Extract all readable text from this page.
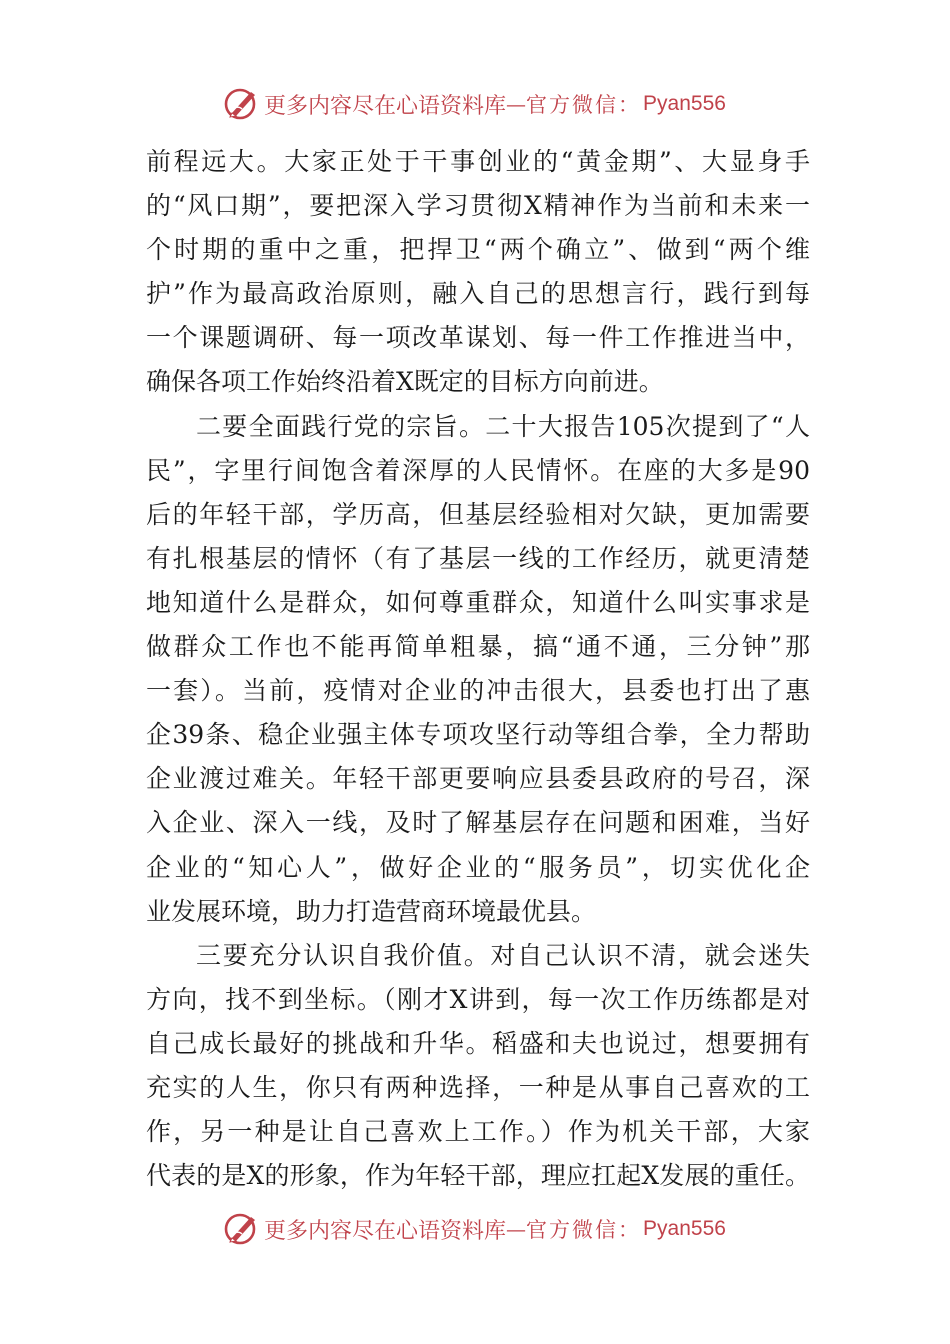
更多内容尽在心语资料库 — 官方微信： Pyan556
前程远大。大家正处于干事创业的“黄金期”、大显身手
的“风口期”，要把深入学习贯彻X精神作为当前和未来一
个时期的重中之重，把捍卫“两个确立”、做到“两个维
护”作为最高政治原则，融入自己的思想言行，践行到每
一个课题调研、每一项改革谋划、每一件工作推进当中，
确保各项工作始终沿着X既定的目标方向前进。
二要全面践行党的宗旨。二十大报告105次提到了“人
民”，字里行间饱含着深厚的人民情怀。在座的大多是90
后的年轻干部，学历高，但基层经验相对欠缺，更加需要
有扎根基层的情怀（有了基层一线的工作经历，就更清楚
地知道什么是群众，如何尊重群众，知道什么叫实事求是
做群众工作也不能再简单粗暴，搞“通不通，三分钟”那
一套）。当前，疫情对企业的冲击很大，县委也打出了惠
企39条、稳企业强主体专项攻坚行动等组合拳，全力帮助
企业渡过难关。年轻干部更要响应县委县政府的号召，深
入企业、深入一线，及时了解基层存在问题和困难，当好
企业的“知心人”，做好企业的“服务员”，切实优化企
业发展环境，助力打造营商环境最优县。
三要充分认识自我价值。对自己认识不清，就会迷失
方向，找不到坐标。（刚才X讲到，每一次工作历练都是对
自己成长最好的挑战和升华。稻盛和夫也说过，想要拥有
充实的人生，你只有两种选择，一种是从事自己喜欢的工
作，另一种是让自己喜欢上工作。）作为机关干部，大家
代表的是X的形象，作为年轻干部，理应扛起X发展的重任。
更多内容尽在心语资料库 — 官方微信： Pyan556
